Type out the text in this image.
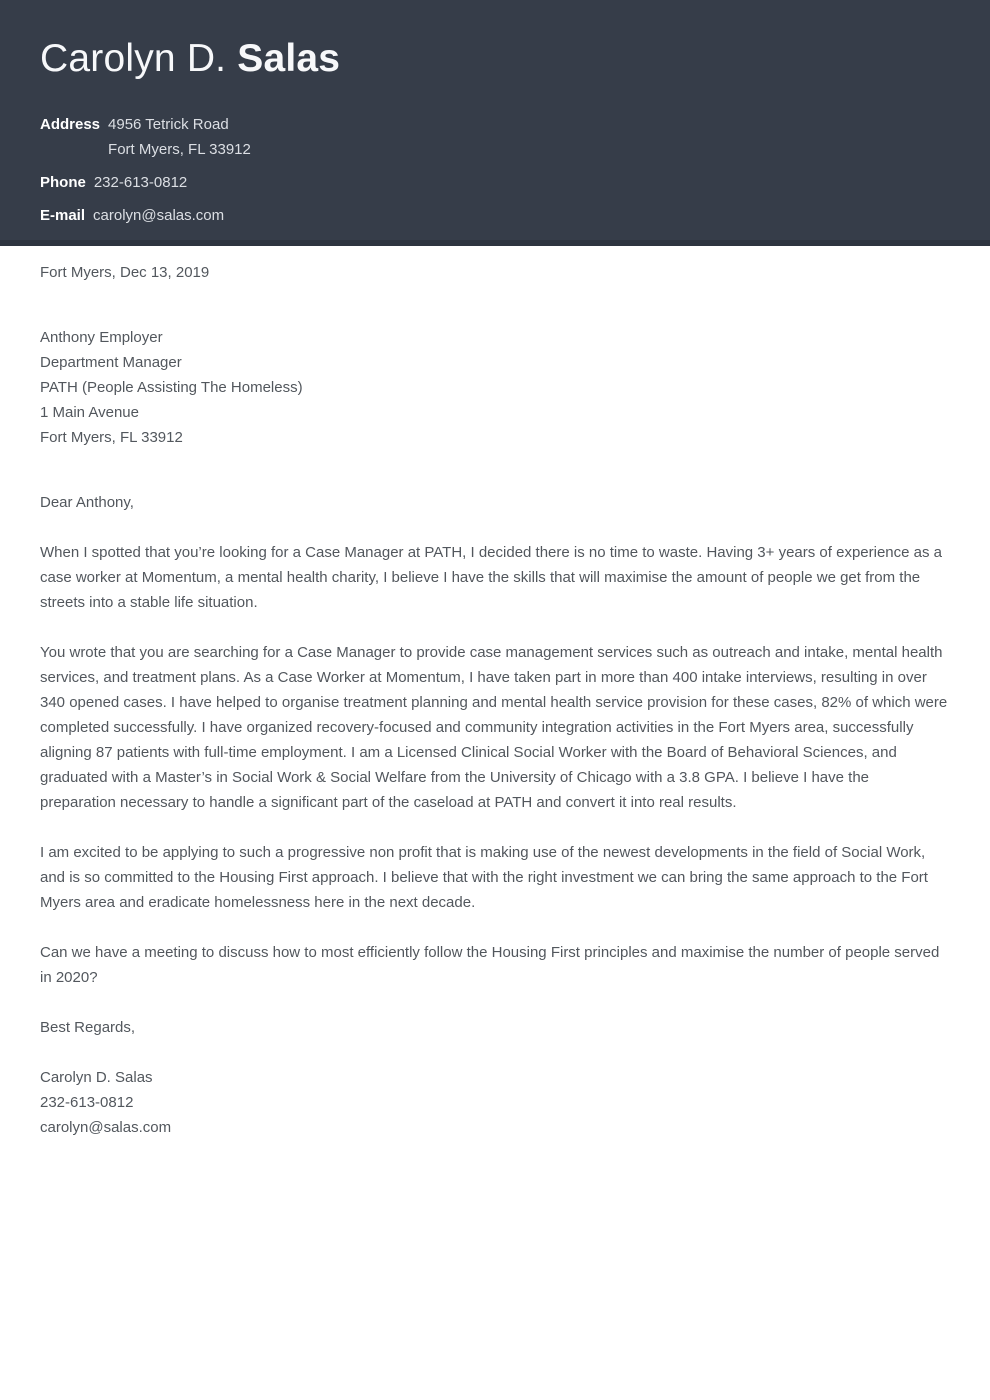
Carolyn D. Salas
Address 4956 Tetrick Road
Fort Myers, FL 33912
Phone 232-613-0812
E-mail carolyn@salas.com

Fort Myers, Dec 13, 2019

Anthony Employer

Department Manager

PATH (People Assisting The Homeless)

1 Main Avenue

Fort Myers, FL 33912

Dear Anthony,

When I spotted that you’re looking for a Case Manager at PATH, I decided there is no time to waste. Having 3+ years of experience as a case worker at Momentum, a mental health charity, I believe I have the skills that will maximise the amount of people we get from the streets into a stable life situation.

You wrote that you are searching for a Case Manager to provide case management services such as outreach and intake, mental health services, and treatment plans. As a Case Worker at Momentum, I have taken part in more than 400 intake interviews, resulting in over 340 opened cases. I have helped to organise treatment planning and mental health service provision for these cases, 82% of which were completed successfully. I have organized recovery-focused and community integration activities in the Fort Myers area, successfully aligning 87 patients with full-time employment. I am a Licensed Clinical Social Worker with the Board of Behavioral Sciences, and graduated with a Master’s in Social Work & Social Welfare from the University of Chicago with a 3.8 GPA. I believe I have the preparation necessary to handle a significant part of the caseload at PATH and convert it into real results.

I am excited to be applying to such a progressive non profit that is making use of the newest developments in the field of Social Work, and is so committed to the Housing First approach. I believe that with the right investment we can bring the same approach to the Fort Myers area and eradicate homelessness here in the next decade.

Can we have a meeting to discuss how to most efficiently follow the Housing First principles and maximise the number of people served in 2020?

Best Regards,

Carolyn D. Salas
232-613-0812
carolyn@salas.com
